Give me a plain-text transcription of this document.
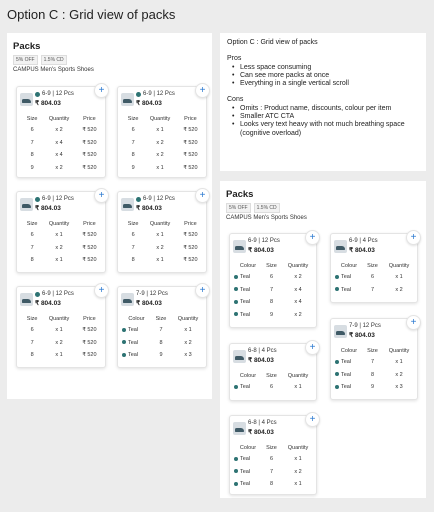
Option C : Grid view of packs
Packs
5% OFF	1.5% CD
CAMPUS Men's Sports Shoes
6-9 | 12 Pcs
₹ 804.03
+
Size	Quantity	Price
6	x 2	₹ 520
7	x 4	₹ 520
8	x 4	₹ 520
9	x 2	₹ 520
6-9 | 12 Pcs
₹ 804.03
+
Size	Quantity	Price
6	x 1	₹ 520
7	x 2	₹ 520
8	x 2	₹ 520
9	x 1	₹ 520
6-9 | 12 Pcs
₹ 804.03
+
Size	Quantity	Price
6	x 1	₹ 520
7	x 2	₹ 520
8	x 1	₹ 520
6-9 | 12 Pcs
₹ 804.03
+
Size	Quantity	Price
6	x 1	₹ 520
7	x 2	₹ 520
8	x 1	₹ 520
6-9 | 12 Pcs
₹ 804.03
+
Size	Quantity	Price
6	x 1	₹ 520
7	x 2	₹ 520
8	x 1	₹ 520
7-9 | 12 Pcs
₹ 804.03
+
Colour	Size	Quantity
Teal	7	x 1
Teal	8	x 2
Teal	9	x 3
Option C : Grid view of packs
Pros
• Less space consuming
• Can see more packs at once
• Everything in a single vertical scroll
Cons
• Omits : Product name, discounts, colour per item
• Smaller ATC CTA
• Looks very text heavy with not much breathing space (cognitive overload)
Packs
5% OFF	1.5% CD
CAMPUS Men's Sports Shoes
6-9 | 12 Pcs
₹ 804.03
+
Colour	Size	Quantity
Teal	6	x 2
Teal	7	x 4
Teal	8	x 4
Teal	9	x 2
6-9 | 4 Pcs
₹ 804.03
+
Colour	Size	Quantity
Teal	6	x 1
Teal	7	x 2
7-9 | 12 Pcs
₹ 804.03
+
Colour	Size	Quantity
Teal	7	x 1
Teal	8	x 2
Teal	9	x 3
6-8 | 4 Pcs
₹ 804.03
+
Colour	Size	Quantity
Teal	6	x 1
6-8 | 4 Pcs
₹ 804.03
+
Colour	Size	Quantity
Teal	6	x 1
Teal	7	x 2
Teal	8	x 1
